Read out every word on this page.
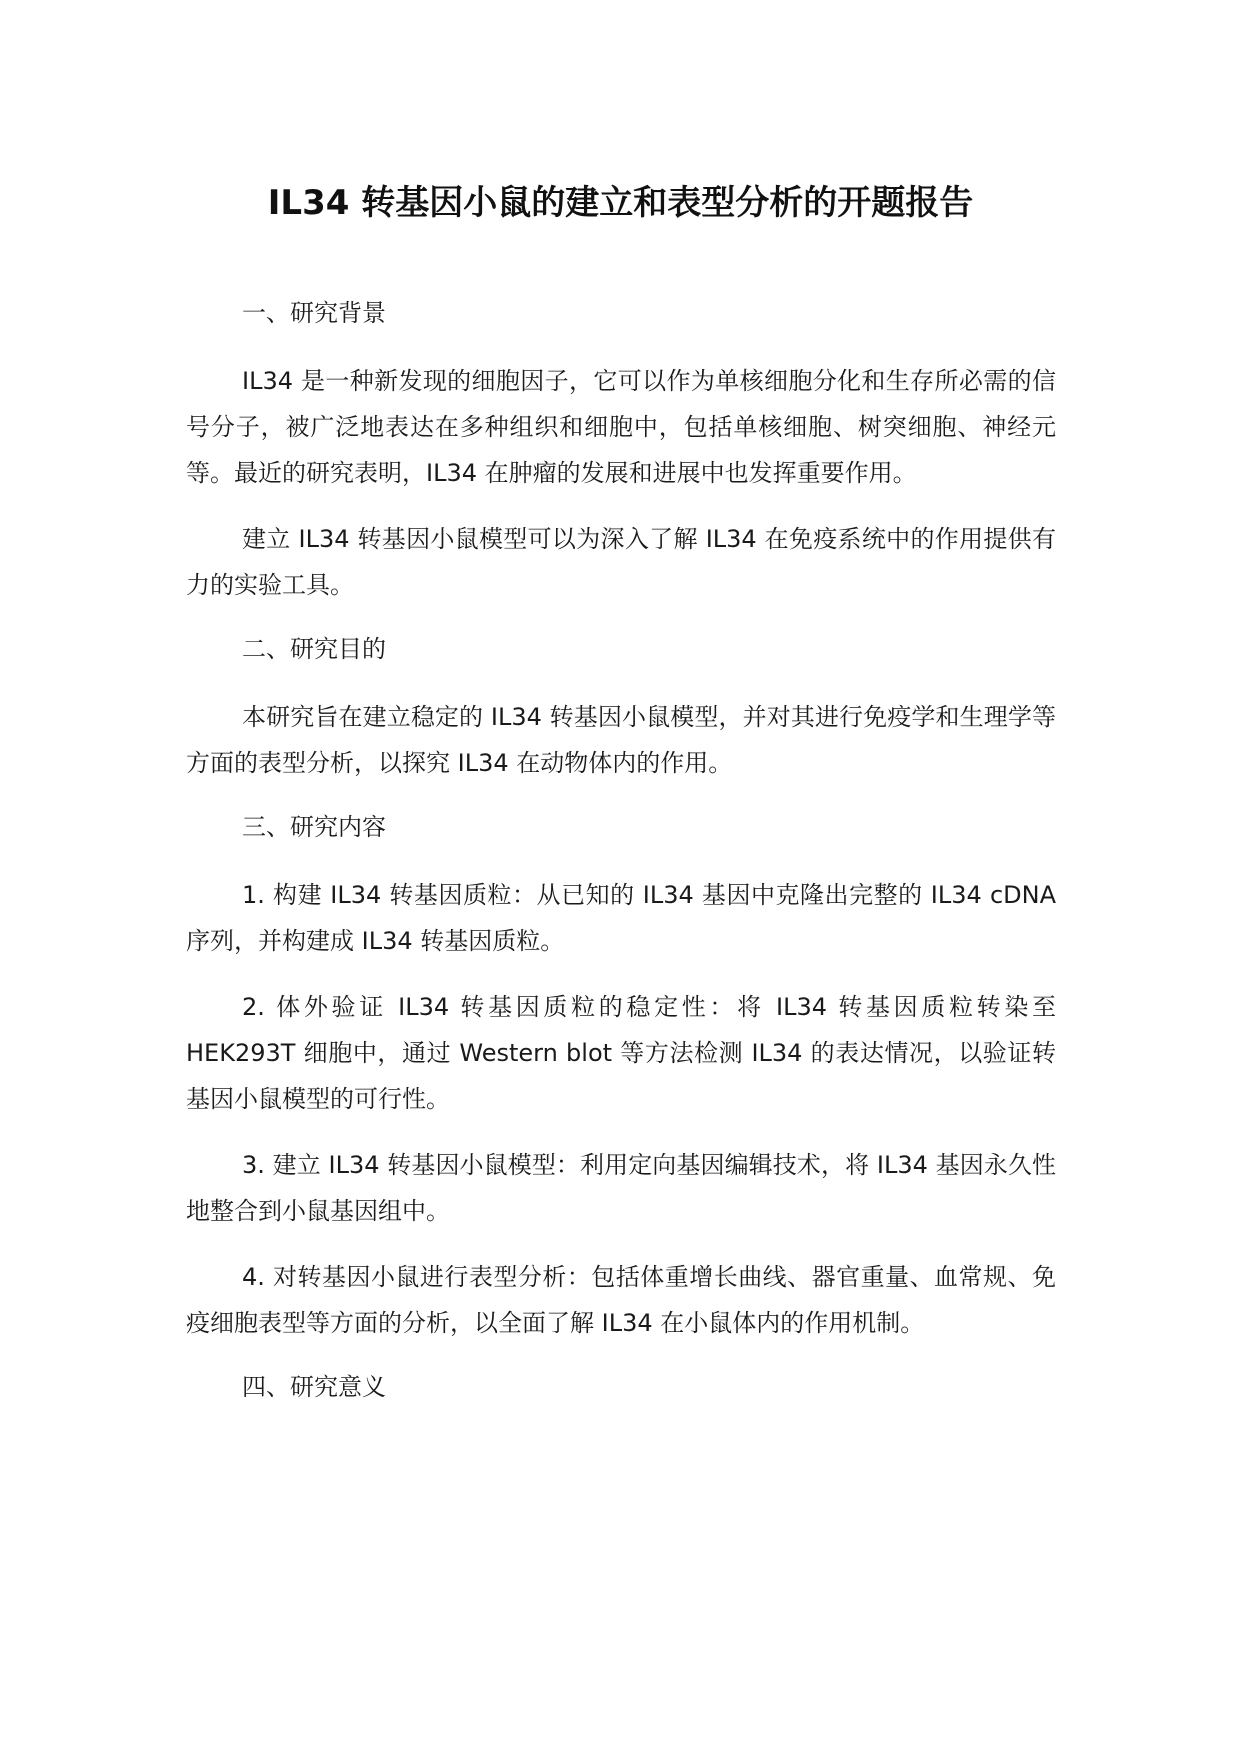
IL34 转基因小鼠的建立和表型分析的开题报告
一、研究背景

IL34 是一种新发现的细胞因子，它可以作为单核细胞分化和生存所必需的信号分子，被广泛地表达在多种组织和细胞中，包括单核细胞、树突细胞、神经元等。最近的研究表明，IL34 在肿瘤的发展和进展中也发挥重要作用。

建立 IL34 转基因小鼠模型可以为深入了解 IL34 在免疫系统中的作用提供有力的实验工具。

二、研究目的

本研究旨在建立稳定的 IL34 转基因小鼠模型，并对其进行免疫学和生理学等方面的表型分析，以探究 IL34 在动物体内的作用。

三、研究内容

1. 构建 IL34 转基因质粒：从已知的 IL34 基因中克隆出完整的 IL34 cDNA 序列，并构建成 IL34 转基因质粒。

2. 体外验证 IL34 转基因质粒的稳定性：将 IL34 转基因质粒转染至 HEK293T 细胞中，通过 Western blot 等方法检测 IL34 的表达情况，以验证转基因小鼠模型的可行性。

3. 建立 IL34 转基因小鼠模型：利用定向基因编辑技术，将 IL34 基因永久性地整合到小鼠基因组中。

4. 对转基因小鼠进行表型分析：包括体重增长曲线、器官重量、血常规、免疫细胞表型等方面的分析，以全面了解 IL34 在小鼠体内的作用机制。

四、研究意义
